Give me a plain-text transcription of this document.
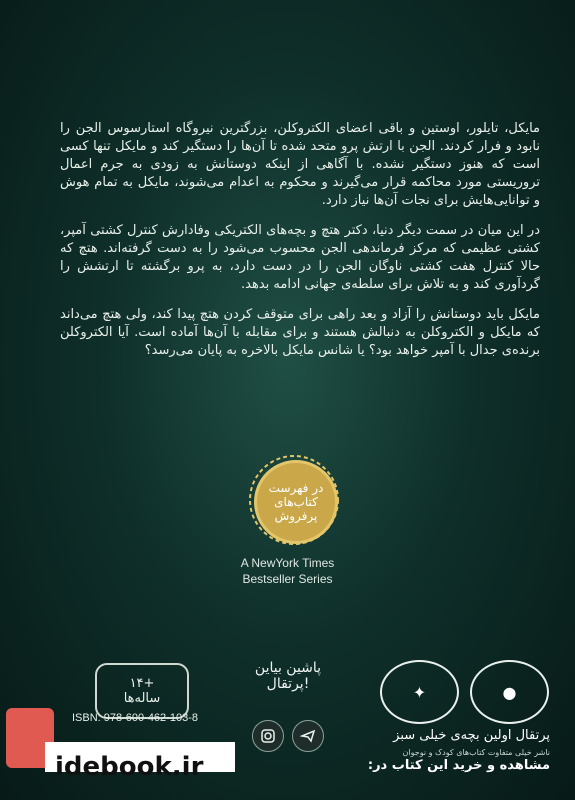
مایکل، تایلور، اوستین و باقی اعضای الکتروکلن، بزرگترین نیروگاه استارسوس الجن را نابود و فرار کردند. الجن با ارتش پرو متحد شده تا آن‌ها را دستگیر کند و مایکل تنها کسی است که هنوز دستگیر نشده. با آگاهی از اینکه دوستانش به زودی به جرم اعمال تروریستی مورد محاکمه قرار می‌گیرند و محکوم به اعدام می‌شوند، مایکل به تمام هوش و توانایی‌هایش برای نجات آن‌ها نیاز دارد.

در این میان در سمت دیگر دنیا، دکتر هتچ و بچه‌های الکتریکی وفادارش کنترل کشتی آمپر، کشتی عظیمی که مرکز فرماندهی الجن محسوب می‌شود را به دست گرفته‌اند. هتچ که حالا کنترل هفت کشتی ناوگان الجن را در دست دارد، به پرو برگشته تا ارتشش را گردآوری کند و به تلاش برای سلطه‌ی جهانی ادامه بدهد.

مایکل باید دوستانش را آزاد و بعد راهی برای متوقف کردن هتچ پیدا کند، ولی هتچ می‌داند که مایکل و الکتروکلن به دنبالش هستند و برای مقابله با آن‌ها آماده است. آیا الکتروکلن برنده‌ی جدال با آمپر خواهد بود؟ یا شانس مایکل بالاخره به پایان می‌رسد؟

در فهرست کتاب‌های پرفروش
A NewYork Times
Bestseller Series
۱۴+
ساله‌ها
پاشین بیاین
پرتقال!	✦	●
پرتقال اولین بچه‌ی خیلی سبز
ناشر خیلی متفاوت کتاب‌های کودک و نوجوان
ISBN: 978-600-462-103-8
idebook.ir	مشاهده و خرید این کتاب در:
